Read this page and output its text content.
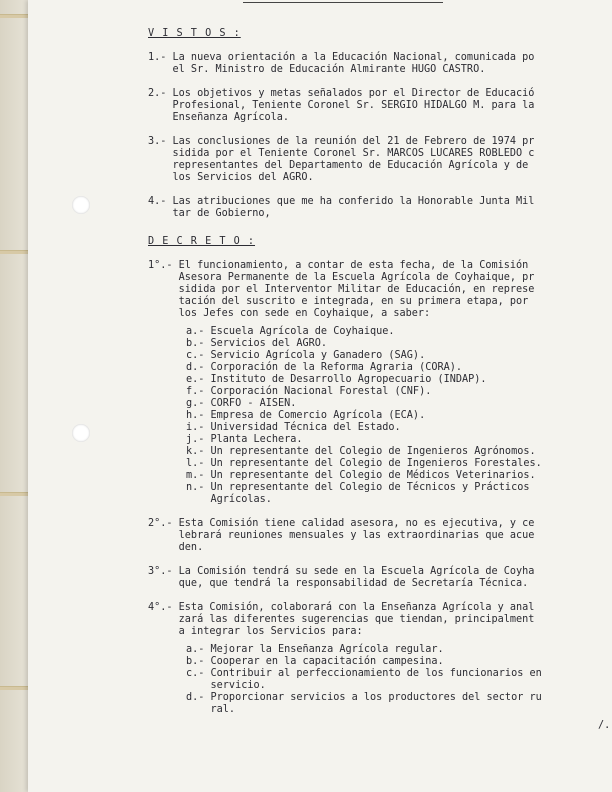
V I S T O S :
1.- La nueva orientación a la Educación Nacional, comunicada po
el Sr. Ministro de Educación Almirante HUGO CASTRO.
2.- Los objetivos y metas señalados por el Director de Educació
Profesional, Teniente Coronel Sr. SERGIO HIDALGO M. para la
Enseñanza Agrícola.
3.- Las conclusiones de la reunión del 21 de Febrero de 1974 pr
sidida por el Teniente Coronel Sr. MARCOS LUCARES ROBLEDO c
representantes del Departamento de Educación Agrícola y de
los Servicios del AGRO.
4.- Las atribuciones que me ha conferido la Honorable Junta Mil
tar de Gobierno,
D E C R E T O :
1°.- El funcionamiento, a contar de esta fecha, de la Comisión
Asesora Permanente de la Escuela Agrícola de Coyhaique, pr
sidida por el Interventor Militar de Educación, en represe
tación del suscrito e integrada, en su primera etapa, por
los Jefes con sede en Coyhaique, a saber:
a.- Escuela Agrícola de Coyhaique.
b.- Servicios del AGRO.
c.- Servicio Agrícola y Ganadero (SAG).
d.- Corporación de la Reforma Agraria (CORA).
e.- Instituto de Desarrollo Agropecuario (INDAP).
f.- Corporación Nacional Forestal (CNF).
g.- CORFO - AISEN.
h.- Empresa de Comercio Agrícola (ECA).
i.- Universidad Técnica del Estado.
j.- Planta Lechera.
k.- Un representante del Colegio de Ingenieros Agrónomos.
l.- Un representante del Colegio de Ingenieros Forestales.
m.- Un representante del Colegio de Médicos Veterinarios.
n.- Un representante del Colegio de Técnicos y Prácticos
Agrícolas.
2°.- Esta Comisión tiene calidad asesora, no es ejecutiva, y ce
lebrará reuniones mensuales y las extraordinarias que acue
den.
3°.- La Comisión tendrá su sede en la Escuela Agrícola de Coyha
que, que tendrá la responsabilidad de Secretaría Técnica.
4°.- Esta Comisión, colaborará con la Enseñanza Agrícola y anal
zará las diferentes sugerencias que tiendan, principalment
a integrar los Servicios para:
a.- Mejorar la Enseñanza Agrícola regular.
b.- Cooperar en la capacitación campesina.
c.- Contribuir al perfeccionamiento de los funcionarios en
servicio.
d.- Proporcionar servicios a los productores del sector ru
ral.
/.
